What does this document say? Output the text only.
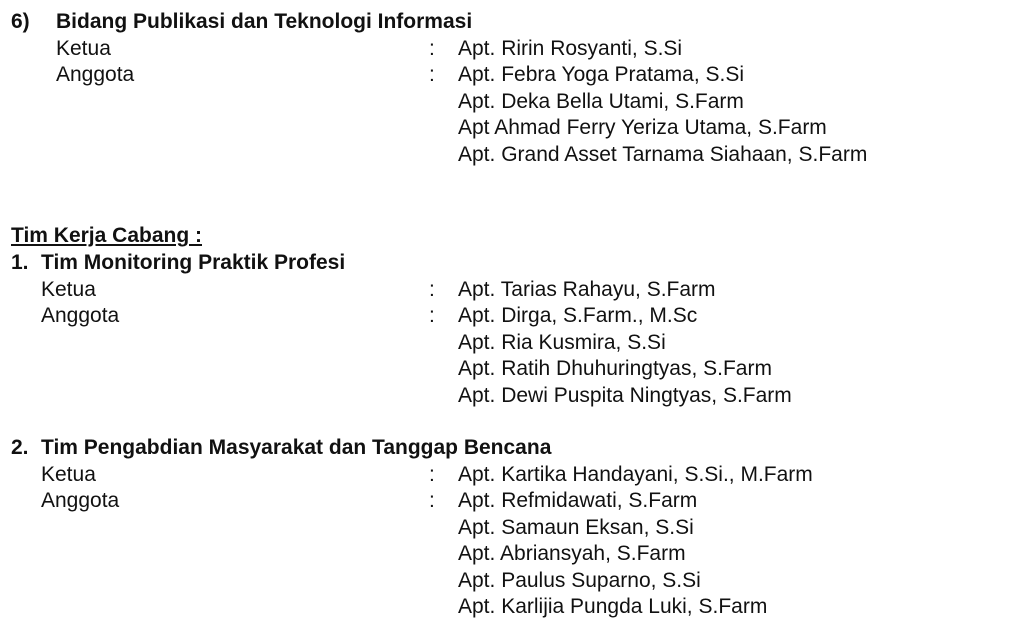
6) Bidang Publikasi dan Teknologi Informasi
Ketua	: Apt. Ririn Rosyanti, S.Si
Anggota	: Apt. Febra Yoga Pratama, S.Si
Apt. Deka Bella Utami, S.Farm
Apt Ahmad Ferry Yeriza Utama, S.Farm
Apt. Grand Asset Tarnama Siahaan, S.Farm
Tim Kerja Cabang :
1. Tim Monitoring Praktik Profesi
Ketua	: Apt. Tarias Rahayu, S.Farm
Anggota	: Apt. Dirga, S.Farm., M.Sc
Apt. Ria Kusmira, S.Si
Apt. Ratih Dhuhuringtyas, S.Farm
Apt. Dewi Puspita Ningtyas, S.Farm
2. Tim Pengabdian Masyarakat dan Tanggap Bencana
Ketua	: Apt. Kartika Handayani, S.Si., M.Farm
Anggota	: Apt. Refmidawati, S.Farm
Apt. Samaun Eksan, S.Si
Apt. Abriansyah, S.Farm
Apt. Paulus Suparno, S.Si
Apt. Karlijia Pungda Luki, S.Farm
